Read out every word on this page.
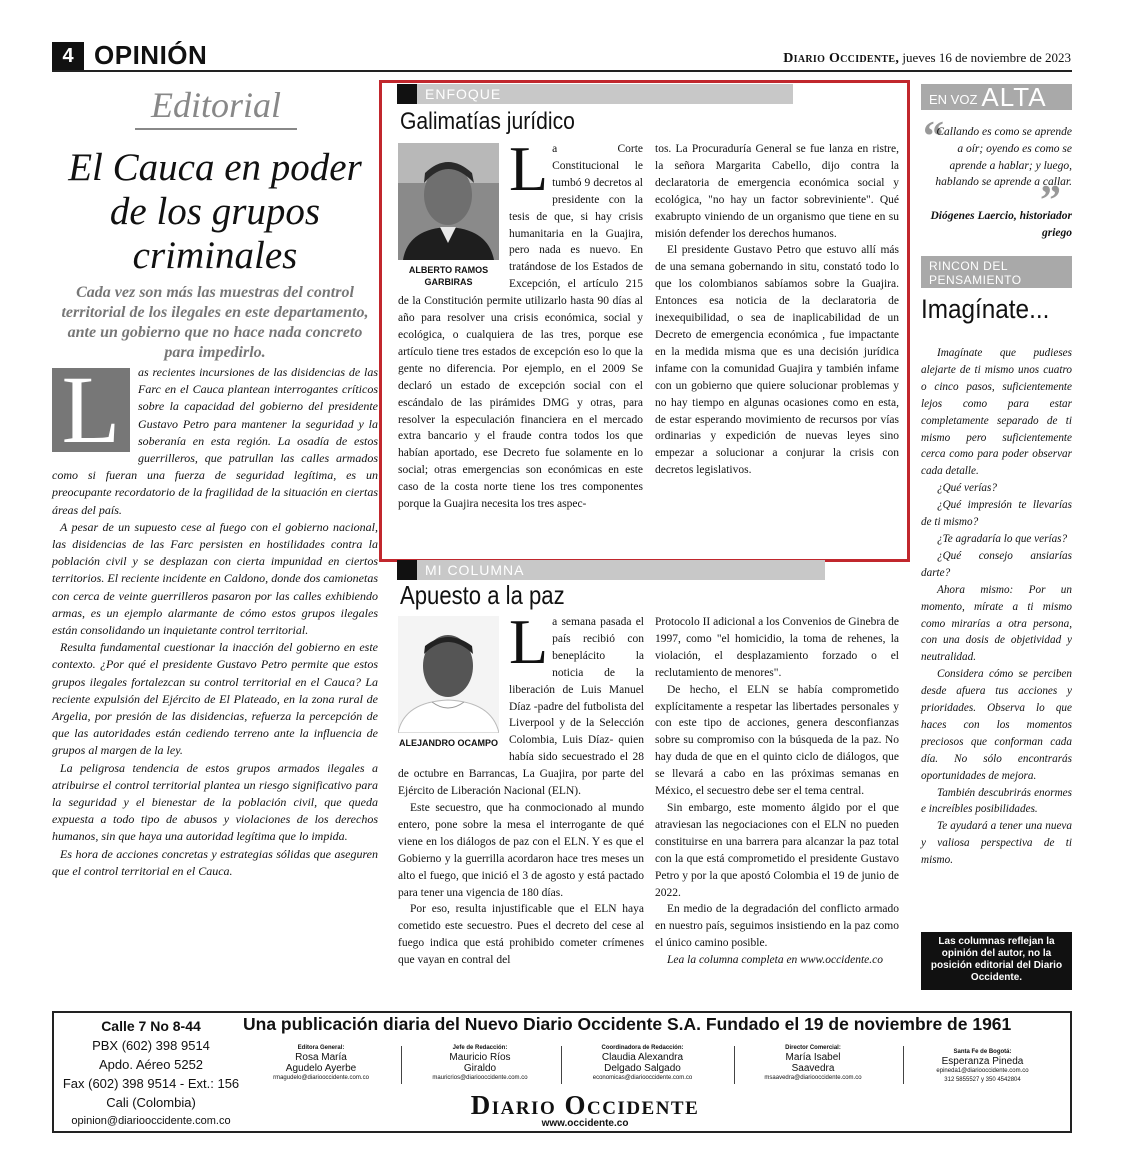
4 OPINIÓN	Diario Occidente, jueves 16 de noviembre de 2023
Editorial
El Cauca en poder de los grupos criminales
Cada vez son más las muestras del control territorial de los ilegales en este departamento, ante un gobierno que no hace nada concreto para impedirlo.
L	as recientes incursiones de las disidencias de las Farc en el Cauca plantean interrogantes críticos sobre la capacidad del gobierno del presidente Gustavo Petro para mantener la seguridad y la soberanía en esta región. La osadía de estos guerrilleros, que patrullan las calles armados como si fueran una fuerza de seguridad legítima, es un preocupante recordatorio de la fragilidad de la situación en ciertas áreas del país.

A pesar de un supuesto cese al fuego con el gobierno nacional, las disidencias de las Farc persisten en hostilidades contra la población civil y se desplazan con cierta impunidad en ciertos territorios. El reciente incidente en Caldono, donde dos camionetas con cerca de veinte guerrilleros pasaron por las calles exhibiendo armas, es un ejemplo alarmante de cómo estos grupos ilegales están consolidando un inquietante control territorial.

Resulta fundamental cuestionar la inacción del gobierno en este contexto. ¿Por qué el presidente Gustavo Petro permite que estos grupos ilegales fortalezcan su control territorial en el Cauca? La reciente expulsión del Ejército de El Plateado, en la zona rural de Argelia, por presión de las disidencias, refuerza la percepción de que las autoridades están cediendo terreno ante la influencia de grupos al margen de la ley.

La peligrosa tendencia de estos grupos armados ilegales a atribuirse el control territorial plantea un riesgo significativo para la seguridad y el bienestar de la población civil, que queda expuesta a todo tipo de abusos y violaciones de los derechos humanos, sin que haya una autoridad legítima que lo impida.

Es hora de acciones concretas y estrategias sólidas que aseguren que el control territorial en el Cauca.

ENFOQUE
Galimatías jurídico
L a Corte Constitucional le tumbó 9 decretos al presidente con la tesis de que, si hay crisis humanitaria en la Guajira, pero nada es nuevo. En tratándose de los Estados de Excepción, el artículo 215 de la Constitución permite utilizarlo hasta 90 días al año para resolver una crisis económica, social y ecológica, o cualquiera de las tres, porque ese artículo tiene tres estados de excepción eso lo que la gente no diferencia. Por ejemplo, en el 2009 Se declaró un estado de excepción social con el escándalo de las pirámides DMG y otras, para resolver la especulación financiera en el mercado extra bancario y el fraude contra todos los que habían aportado, ese Decreto fue solamente en lo social; otras emergencias son económicas en este caso de la costa norte tiene los tres componentes porque la Guajira necesita los tres aspec-

ALBERTO RAMOS GARBIRAS

tos. La Procuraduría General se fue lanza en ristre, la señora Margarita Cabello, dijo contra la declaratoria de emergencia económica social y ecológica, "no hay un factor sobreviniente". Qué exabrupto viniendo de un organismo que tiene en su misión defender los derechos humanos.

El presidente Gustavo Petro que estuvo allí más de una semana gobernando in situ, constató todo lo que los colombianos sabíamos sobre la Guajira. Entonces esa noticia de la declaratoria de inexequibilidad, o sea de inaplicabilidad de un Decreto de emergencia económica , fue impactante en la medida misma que es una decisión jurídica infame con la comunidad Guajira y también infame con un gobierno que quiere solucionar problemas y no hay tiempo en algunas ocasiones como en esta, de estar esperando movimiento de recursos por vías ordinarias y expedición de nuevas leyes sino empezar a solucionar a conjurar la crisis con decretos legislativos.

MI COLUMNA
Apuesto a la paz
L a semana pasada el país recibió con beneplácito la noticia de la liberación de Luis Manuel Díaz -padre del futbolista del Liverpool y de la Selección Colombia, Luis Díaz- quien había sido secuestrado el 28 de octubre en Barrancas, La Guajira, por parte del Ejército de Liberación Nacional (ELN).

Este secuestro, que ha conmocionado al mundo entero, pone sobre la mesa el interrogante de qué viene en los diálogos de paz con el ELN. Y es que el Gobierno y la guerrilla acordaron hace tres meses un alto el fuego, que inició el 3 de agosto y está pactado para tener una vigencia de 180 días.

Por eso, resulta injustificable que el ELN haya cometido este secuestro. Pues el decreto del cese al fuego indica que está prohibido cometer crímenes que vayan en contral del

ALEJANDRO OCAMPO

Protocolo II adicional a los Convenios de Ginebra de 1997, como "el homicidio, la toma de rehenes, la violación, el desplazamiento forzado o el reclutamiento de menores".

De hecho, el ELN se había comprometido explícitamente a respetar las libertades personales y con este tipo de acciones, genera desconfianzas sobre su compromiso con la búsqueda de la paz. No hay duda de que en el quinto ciclo de diálogos, que se llevará a cabo en las próximas semanas en México, el secuestro debe ser el tema central.

Sin embargo, este momento álgido por el que atraviesan las negociaciones con el ELN no pueden constituirse en una barrera para alcanzar la paz total con la que está comprometido el presidente Gustavo Petro y por la que apostó Colombia el 19 de junio de 2022.

En medio de la degradación del conflicto armado en nuestro país, seguimos insistiendo en la paz como el único camino posible.

Lea la columna completa en www.occidente.co

EN VOZ ALTA
“
Callando es como se aprende a oír; oyendo es como se aprende a hablar; y luego, hablando se aprende a callar.
”
Diógenes Laercio, historiador griego
RINCON DEL PENSAMIENTO
Imagínate...

Imagínate que pudieses alejarte de ti mismo unos cuatro o cinco pasos, suficientemente lejos como para estar completamente separado de ti mismo pero suficientemente cerca como para poder observar cada detalle.

¿Qué verías?

¿Qué impresión te llevarías de ti mismo?

¿Te agradaría lo que verías?

¿Qué consejo ansiarías darte?

Ahora mismo: Por un momento, mírate a ti mismo como mirarías a otra persona, con una dosis de objetividad y neutralidad.

Considera cómo se perciben desde afuera tus acciones y prioridades. Observa lo que haces con los momentos preciosos que conforman cada día. No sólo encontrarás oportunidades de mejora.

También descubrirás enormes e increíbles posibilidades.

Te ayudará a tener una nueva y valiosa perspectiva de ti mismo.

Las columnas reflejan la opinión del autor, no la posición editorial del Diario Occidente.
Calle 7 No 8-44
PBX (602) 398 9514
Apdo. Aéreo 5252
Fax (602) 398 9514 - Ext.: 156
Cali (Colombia)
opinion@diariooccidente.com.co
Una publicación diaria del Nuevo Diario Occidente S.A. Fundado el 19 de noviembre de 1961
Editora General:
Rosa María Agudelo Ayerbe
rmagudelo@diariooccidente.com.co
Jefe de Redacción:
Mauricio Ríos Giraldo
mauricrios@diariooccidente.com.co
Coordinadora de Redacción:
Claudia Alexandra Delgado Salgado
economicas@diariooccidente.com.co
Director Comercial:
María Isabel Saavedra
msaavedra@diariooccidente.com.co
Santa Fe de Bogotá:
Esperanza Pineda
epineda1@diariooccidente.com.co
312 5855527 y 350 4542804
Diario Occidente
www.occidente.co
